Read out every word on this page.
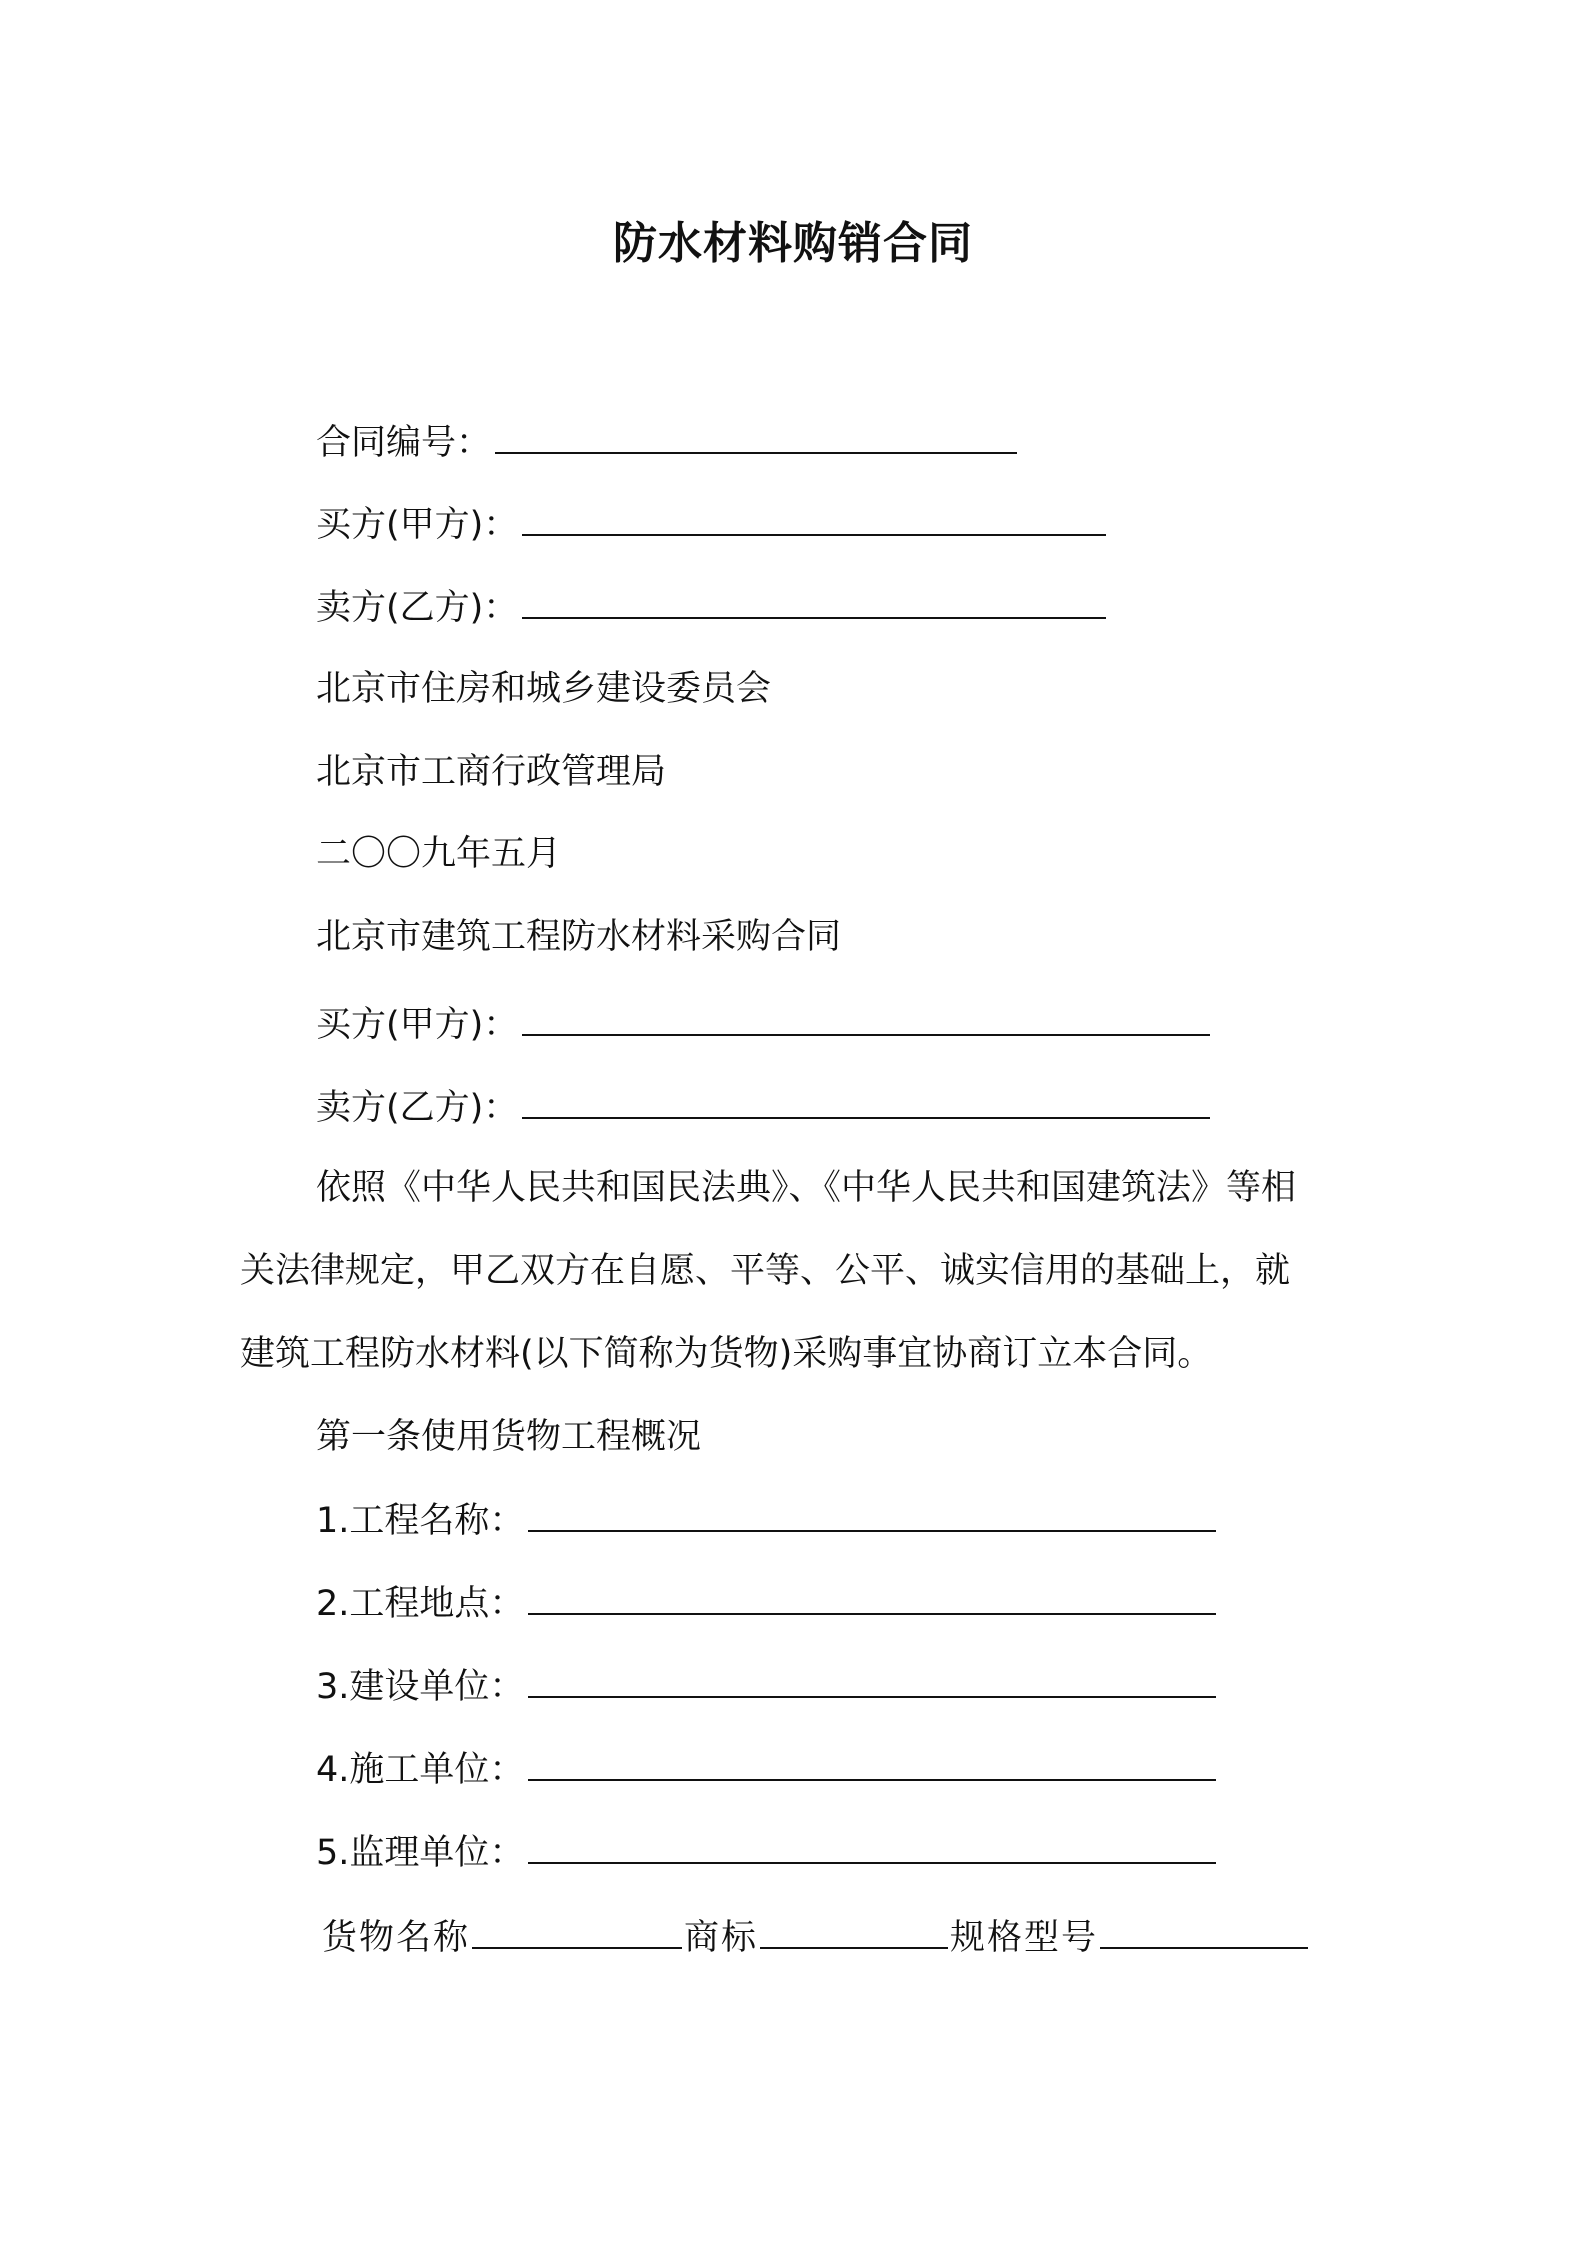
防水材料购销合同
合同编号：
买方(甲方)：
卖方(乙方)：
北京市住房和城乡建设委员会
北京市工商行政管理局
二〇〇九年五月
北京市建筑工程防水材料采购合同
买方(甲方)：
卖方(乙方)：
依照《中华人民共和国民法典》、《中华人民共和国建筑法》等相
关法律规定，甲乙双方在自愿、平等、公平、诚实信用的基础上，就
建筑工程防水材料(以下简称为货物)采购事宜协商订立本合同。
第一条使用货物工程概况
1.工程名称：
2.工程地点：
3.建设单位：
4.施工单位：
5.监理单位：
货物名称	商标	规格型号
